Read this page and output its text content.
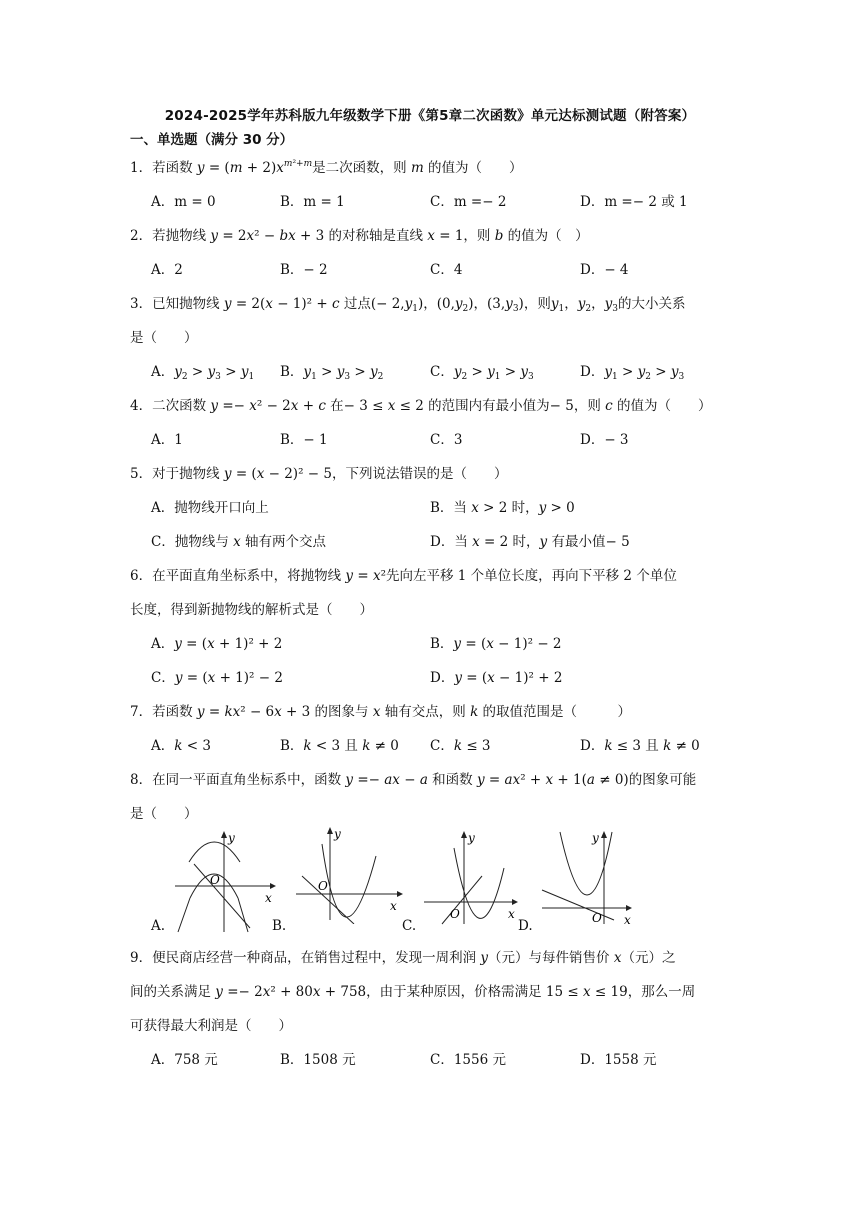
2024-2025学年苏科版九年级数学下册《第5章二次函数》单元达标测试题（附答案）
一、单选题（满分 30 分）
1．若函数 $y = (m + 2)x^{m^2+m}$是二次函数，则 m 的值为（　　）
A．m = 0	B．m = 1	C．m =− 2	D．m =− 2 或 1
2．若抛物线 y = 2x² − bx + 3 的对称轴是直线 x = 1，则 b 的值为（　）
A．2	B．− 2	C．4	D．− 4
3．已知抛物线 y = 2(x − 1)² + c 过点(− $2,y_1$)，$(0,y_2)$，$(3,y_3)$，则$y_1$，$y_2$，$y_3$的大小关系
是（　　）
A．$y_2 > y_3 > y_1$ B．$y_1 > y_3 > y_2$	C．$y_2 > y_1 > y_3$	D．$y_1 > y_2 > y_3$
4．二次函数 y =− x² − 2x + c 在− 3 ≤ x ≤ 2 的范围内有最小值为− 5，则 c 的值为（　　）
A．1	B．− 1	C．3	D．− 3
5．对于抛物线 y = (x − 2)² − 5，下列说法错误的是（　　）
A．抛物线开口向上	B．当 x > 2 时，y > 0
C．抛物线与 x 轴有两个交点	D．当 x = 2 时，y 有最小值− 5
6．在平面直角坐标系中，将抛物线 y = x²先向左平移 1 个单位长度，再向下平移 2 个单位
长度，得到新抛物线的解析式是（　　）
A．y = (x + 1)² + 2	B．y = (x − 1)² − 2
C．y = (x + 1)² − 2	D．y = (x − 1)² + 2
7．若函数 y = kx² − 6x + 3 的图象与 x 轴有交点，则 k 的取值范围是（　　　）
A．k < 3	B．k < 3 且 k ≠ 0 C．k ≤ 3	D．k ≤ 3 且 k ≠ 0
8．在同一平面直角坐标系中，函数 y =− ax − a 和函数 y = ax² + x + 1(a ≠ 0)的图象可能
是（　　）
y
x
O
A.
y
x
O
B.
y
x
O
C.
y
x
O
D.
9．便民商店经营一种商品，在销售过程中，发现一周利润 y（元）与每件销售价 x（元）之
间的关系满足 y =− 2x² + 80x + 758，由于某种原因，价格需满足 15 ≤ x ≤ 19，那么一周
可获得最大利润是（　　）
A．758 元	B．1508 元	C．1556 元	D．1558 元
